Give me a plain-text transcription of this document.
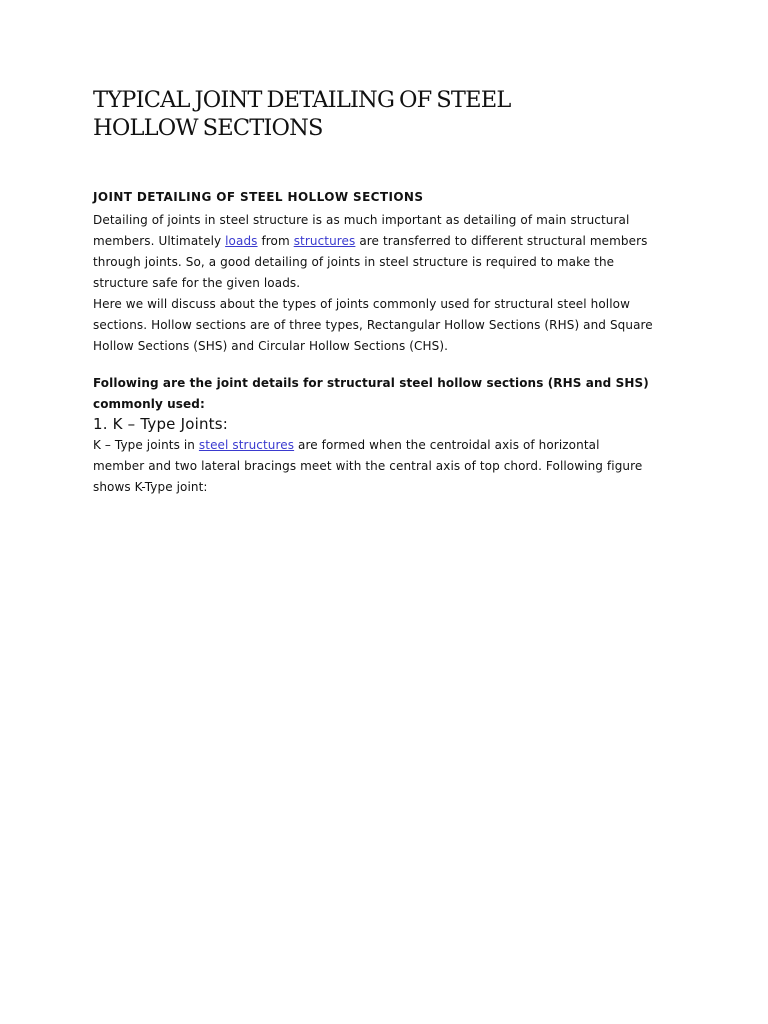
TYPICAL JOINT DETAILING OF STEEL
HOLLOW SECTIONS
JOINT DETAILING OF STEEL HOLLOW SECTIONS

Detailing of joints in steel structure is as much important as detailing of main structural members. Ultimately loads from structures are transferred to different structural members through joints. So, a good detailing of joints in steel structure is required to make the structure safe for the given loads.

Here we will discuss about the types of joints commonly used for structural steel hollow sections. Hollow sections are of three types, Rectangular Hollow Sections (RHS) and Square Hollow Sections (SHS) and Circular Hollow Sections (CHS).

Following are the joint details for structural steel hollow sections (RHS and SHS) commonly used:

1. K – Type Joints:

K – Type joints in steel structures are formed when the centroidal axis of horizontal member and two lateral bracings meet with the central axis of top chord. Following figure shows K-Type joint:
